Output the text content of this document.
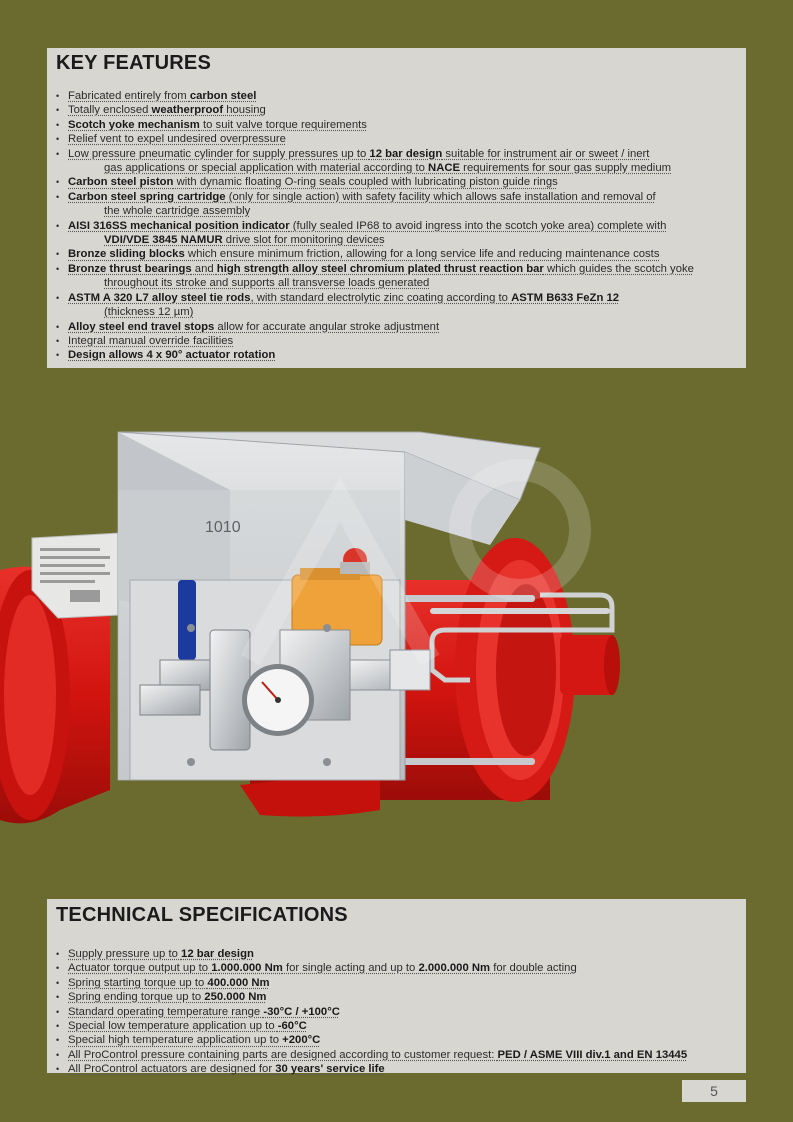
KEY FEATURES
• Fabricated entirely from carbon steel
• Totally enclosed weatherproof housing
• Scotch yoke mechanism to suit valve torque requirements
• Relief vent to expel undesired overpressure
• Low pressure pneumatic cylinder for supply pressures up to 12 bar design suitable for instrument air or sweet / inert
gas applications or special application with material according to NACE requirements for sour gas supply medium
• Carbon steel piston with dynamic floating O-ring seals coupled with lubricating piston guide rings
• Carbon steel spring cartridge (only for single action) with safety facility which allows safe installation and removal of
the whole cartridge assembly
• AISI 316SS mechanical position indicator (fully sealed IP68 to avoid ingress into the scotch yoke area) complete with
VDI/VDE 3845 NAMUR drive slot for monitoring devices
• Bronze sliding blocks which ensure minimum friction, allowing for a long service life and reducing maintenance costs
• Bronze thrust bearings and high strength alloy steel chromium plated thrust reaction bar which guides the scotch yoke
throughout its stroke and supports all transverse loads generated
• ASTM A 320 L7 alloy steel tie rods, with standard electrolytic zinc coating according to ASTM B633 FeZn 12
(thickness 12 µm)
• Alloy steel end travel stops allow for accurate angular stroke adjustment
• Integral manual override facilities
• Design allows 4 x 90° actuator rotation
1010
TECHNICAL SPECIFICATIONS
• Supply pressure up to 12 bar design
• Actuator torque output up to 1.000.000 Nm for single acting and up to 2.000.000 Nm for double acting
• Spring starting torque up to 400.000 Nm
• Spring ending torque up to 250.000 Nm
• Standard operating temperature range -30°C / +100°C
• Special low temperature application up to -60°C
• Special high temperature application up to +200°C
• All ProControl pressure containing parts are designed according to customer request: PED / ASME VIII div.1 and EN 13445
• All ProControl actuators are designed for 30 years' service life
5
